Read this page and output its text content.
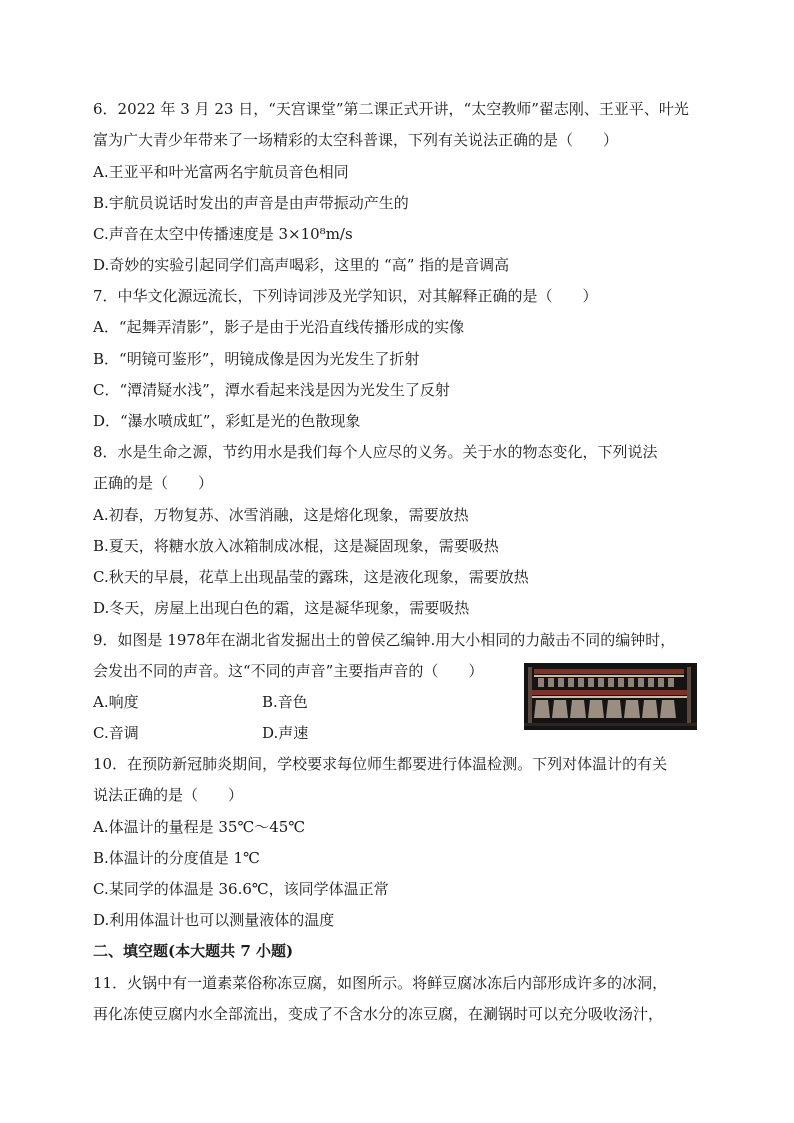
6．2022 年 3 月 23 日，“天宫课堂”第二课正式开讲，“太空教师”翟志刚、王亚平、叶光
富为广大青少年带来了一场精彩的太空科普课，下列有关说法正确的是（　　）
A.王亚平和叶光富两名宇航员音色相同
B.宇航员说话时发出的声音是由声带振动产生的
C.声音在太空中传播速度是 3×10⁸m/s
D.奇妙的实验引起同学们高声喝彩，这里的 “高” 指的是音调高
7．中华文化源远流长，下列诗词涉及光学知识，对其解释正确的是（　　）
A．“起舞弄清影”，影子是由于光沿直线传播形成的实像
B．“明镜可鉴形”，明镜成像是因为光发生了折射
C．“潭清疑水浅”，潭水看起来浅是因为光发生了反射
D．“瀑水喷成虹”，彩虹是光的色散现象
8．水是生命之源，节约用水是我们每个人应尽的义务。关于水的物态变化，下列说法
正确的是（　　）
A.初春，万物复苏、冰雪消融，这是熔化现象，需要放热
B.夏天，将糖水放入冰箱制成冰棍，这是凝固现象，需要吸热
C.秋天的早晨，花草上出现晶莹的露珠，这是液化现象，需要放热
D.冬天，房屋上出现白色的霜，这是凝华现象，需要吸热
9．如图是 1978年在湖北省发掘出土的曾侯乙编钟.用大小相同的力敲击不同的编钟时，
会发出不同的声音。这“不同的声音”主要指声音的（　　）
A.响度	B.音色
C.音调	D.声速
10．在预防新冠肺炎期间，学校要求每位师生都要进行体温检测。下列对体温计的有关
说法正确的是（　　）
A.体温计的量程是 35℃～45℃
B.体温计的分度值是 1℃
C.某同学的体温是 36.6℃，该同学体温正常
D.利用体温计也可以测量液体的温度
二、填空题(本大题共 7 小题)
11．火锅中有一道素菜俗称冻豆腐，如图所示。将鲜豆腐冰冻后内部形成许多的冰洞，
再化冻使豆腐内水全部流出，变成了不含水分的冻豆腐，在涮锅时可以充分吸收汤汁，
